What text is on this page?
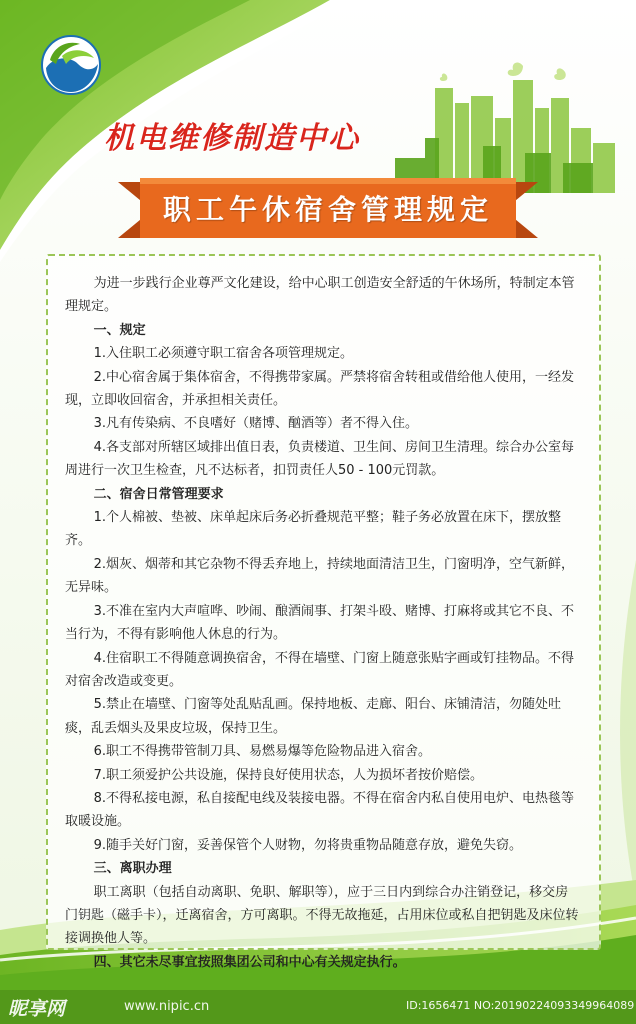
机电维修制造中心
职工午休宿舍管理规定

为进一步践行企业尊严文化建设，给中心职工创造安全舒适的午休场所，特制定本管理规定。

一、规定

1.入住职工必须遵守职工宿舍各项管理规定。

2.中心宿舍属于集体宿舍，不得携带家属。严禁将宿舍转租或借给他人使用，一经发现，立即收回宿舍，并承担相关责任。

3.凡有传染病、不良嗜好（赌博、酗酒等）者不得入住。

4.各支部对所辖区域排出值日表，负责楼道、卫生间、房间卫生清理。综合办公室每周进行一次卫生检查，凡不达标者，扣罚责任人50 - 100元罚款。

二、宿舍日常管理要求

1.个人棉被、垫被、床单起床后务必折叠规范平整；鞋子务必放置在床下，摆放整齐。

2.烟灰、烟蒂和其它杂物不得丢弃地上，持续地面清洁卫生，门窗明净，空气新鲜，无异味。

3.不准在室内大声喧哗、吵闹、酿酒闹事、打架斗殴、赌博、打麻将或其它不良、不当行为，不得有影响他人休息的行为。

4.住宿职工不得随意调换宿舍，不得在墙壁、门窗上随意张贴字画或钉挂物品。不得对宿舍改造或变更。

5.禁止在墙壁、门窗等处乱贴乱画。保持地板、走廊、阳台、床铺清洁，勿随处吐痰，乱丢烟头及果皮垃圾，保持卫生。

6.职工不得携带管制刀具、易燃易爆等危险物品进入宿舍。

7.职工须爱护公共设施，保持良好使用状态，人为损坏者按价赔偿。

8.不得私接电源，私自接配电线及装接电器。不得在宿舍内私自使用电炉、电热毯等取暖设施。

9.随手关好门窗，妥善保管个人财物，勿将贵重物品随意存放，避免失窃。

三、离职办理

职工离职（包括自动离职、免职、解职等），应于三日内到综合办注销登记，移交房门钥匙（磁手卡），迁离宿舍，方可离职。不得无故拖延，占用床位或私自把钥匙及床位转接调换他人等。

四、其它未尽事宜按照集团公司和中心有关规定执行。

昵享网	www.nipic.cn	ID:1656471 NO:20190224093349964089
